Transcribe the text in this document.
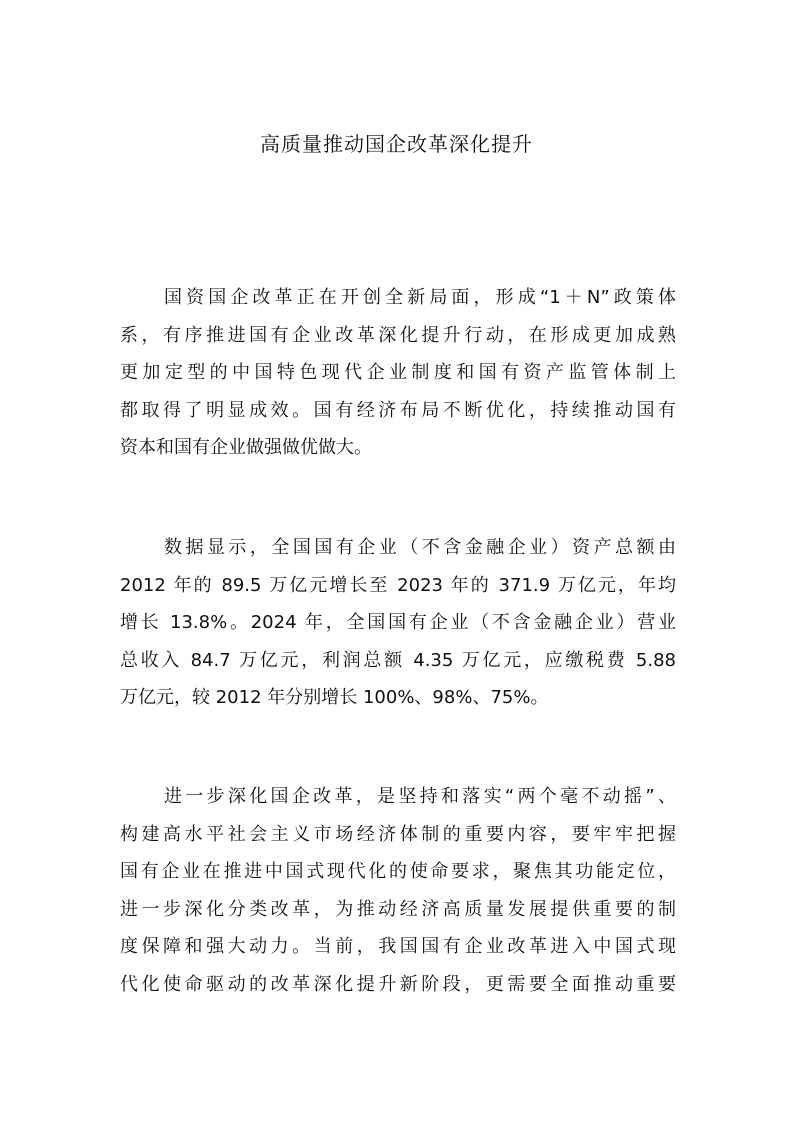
高质量推动国企改革深化提升
国资国企改革正在开创全新局面，形成“1＋N”政策体
系，有序推进国有企业改革深化提升行动，在形成更加成熟
更加定型的中国特色现代企业制度和国有资产监管体制上
都取得了明显成效。国有经济布局不断优化，持续推动国有
资本和国有企业做强做优做大。
数据显示，全国国有企业（不含金融企业）资产总额由
2012 年的 89.5 万亿元增长至 2023 年的 371.9 万亿元，年均
增长 13.8%。2024 年，全国国有企业（不含金融企业）营业
总收入 84.7 万亿元，利润总额 4.35 万亿元，应缴税费 5.88
万亿元，较 2012 年分别增长 100%、98%、75%。
进一步深化国企改革，是坚持和落实“两个毫不动摇”、
构建高水平社会主义市场经济体制的重要内容，要牢牢把握
国有企业在推进中国式现代化的使命要求，聚焦其功能定位，
进一步深化分类改革，为推动经济高质量发展提供重要的制
度保障和强大动力。当前，我国国有企业改革进入中国式现
代化使命驱动的改革深化提升新阶段，更需要全面推动重要
